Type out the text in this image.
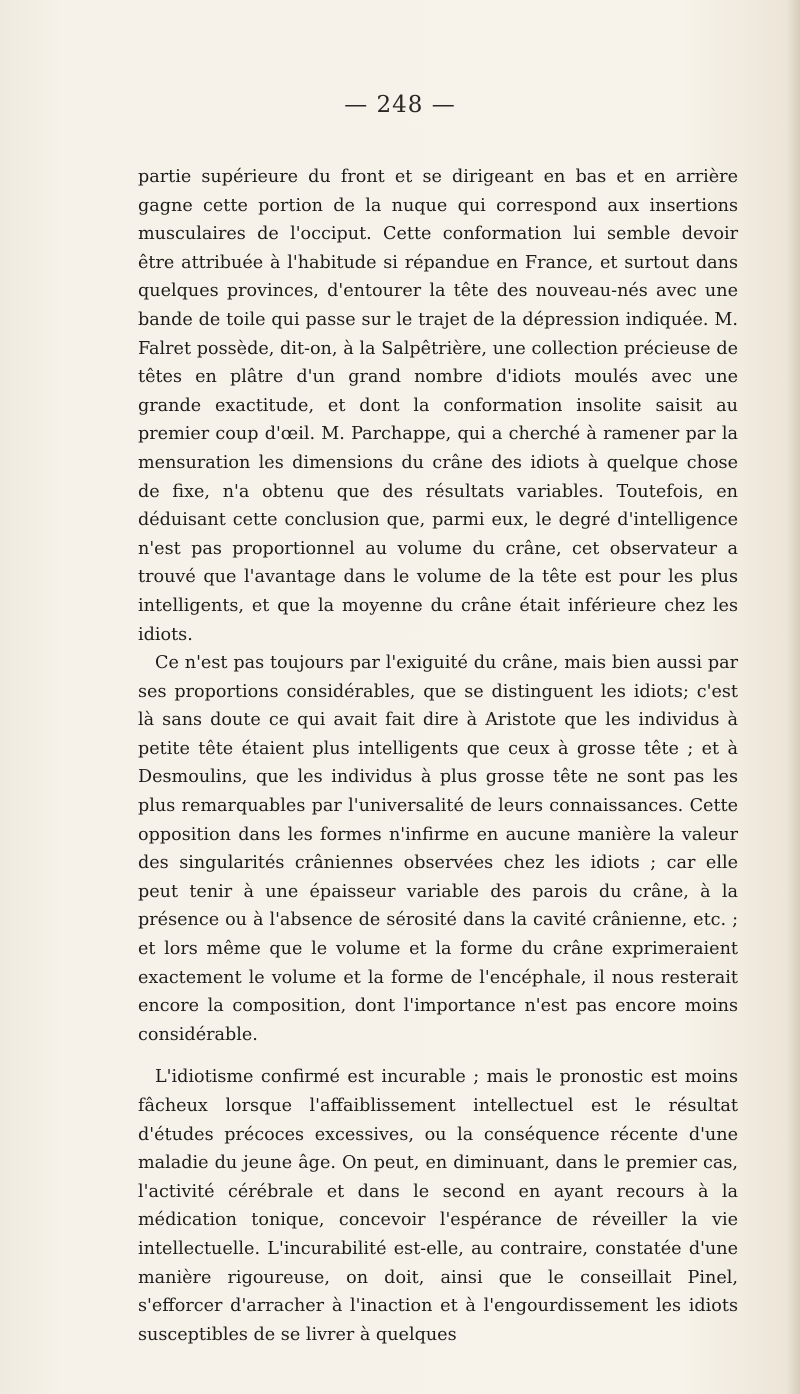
— 248 —

partie supérieure du front et se dirigeant en bas et en arrière gagne cette portion de la nuque qui correspond aux insertions musculaires de l'occiput. Cette conformation lui semble devoir être attribuée à l'habitude si répandue en France, et surtout dans quelques provinces, d'entourer la tête des nouveau-nés avec une bande de toile qui passe sur le trajet de la dépression indiquée. M. Falret possède, dit-on, à la Salpêtrière, une collection précieuse de têtes en plâtre d'un grand nombre d'idiots moulés avec une grande exactitude, et dont la conformation insolite saisit au premier coup d'œil. M. Parchappe, qui a cherché à ramener par la mensuration les dimensions du crâne des idiots à quelque chose de fixe, n'a obtenu que des résultats variables. Toutefois, en déduisant cette conclusion que, parmi eux, le degré d'intelligence n'est pas proportionnel au volume du crâne, cet observateur a trouvé que l'avantage dans le volume de la tête est pour les plus intelligents, et que la moyenne du crâne était inférieure chez les idiots.

Ce n'est pas toujours par l'exiguité du crâne, mais bien aussi par ses proportions considérables, que se distinguent les idiots; c'est là sans doute ce qui avait fait dire à Aristote que les individus à petite tête étaient plus intelligents que ceux à grosse tête ; et à Desmoulins, que les individus à plus grosse tête ne sont pas les plus remarquables par l'universalité de leurs connaissances. Cette opposition dans les formes n'infirme en aucune manière la valeur des singularités crâniennes observées chez les idiots ; car elle peut tenir à une épaisseur variable des parois du crâne, à la présence ou à l'absence de sérosité dans la cavité crânienne, etc. ; et lors même que le volume et la forme du crâne exprimeraient exactement le volume et la forme de l'encéphale, il nous resterait encore la composition, dont l'importance n'est pas encore moins considérable.

L'idiotisme confirmé est incurable ; mais le pronostic est moins fâcheux lorsque l'affaiblissement intellectuel est le résultat d'études précoces excessives, ou la conséquence récente d'une maladie du jeune âge. On peut, en diminuant, dans le premier cas, l'activité cérébrale et dans le second en ayant recours à la médication tonique, concevoir l'espérance de réveiller la vie intellectuelle. L'incurabilité est-elle, au contraire, constatée d'une manière rigoureuse, on doit, ainsi que le conseillait Pinel, s'efforcer d'arracher à l'inaction et à l'engourdissement les idiots susceptibles de se livrer à quelques
